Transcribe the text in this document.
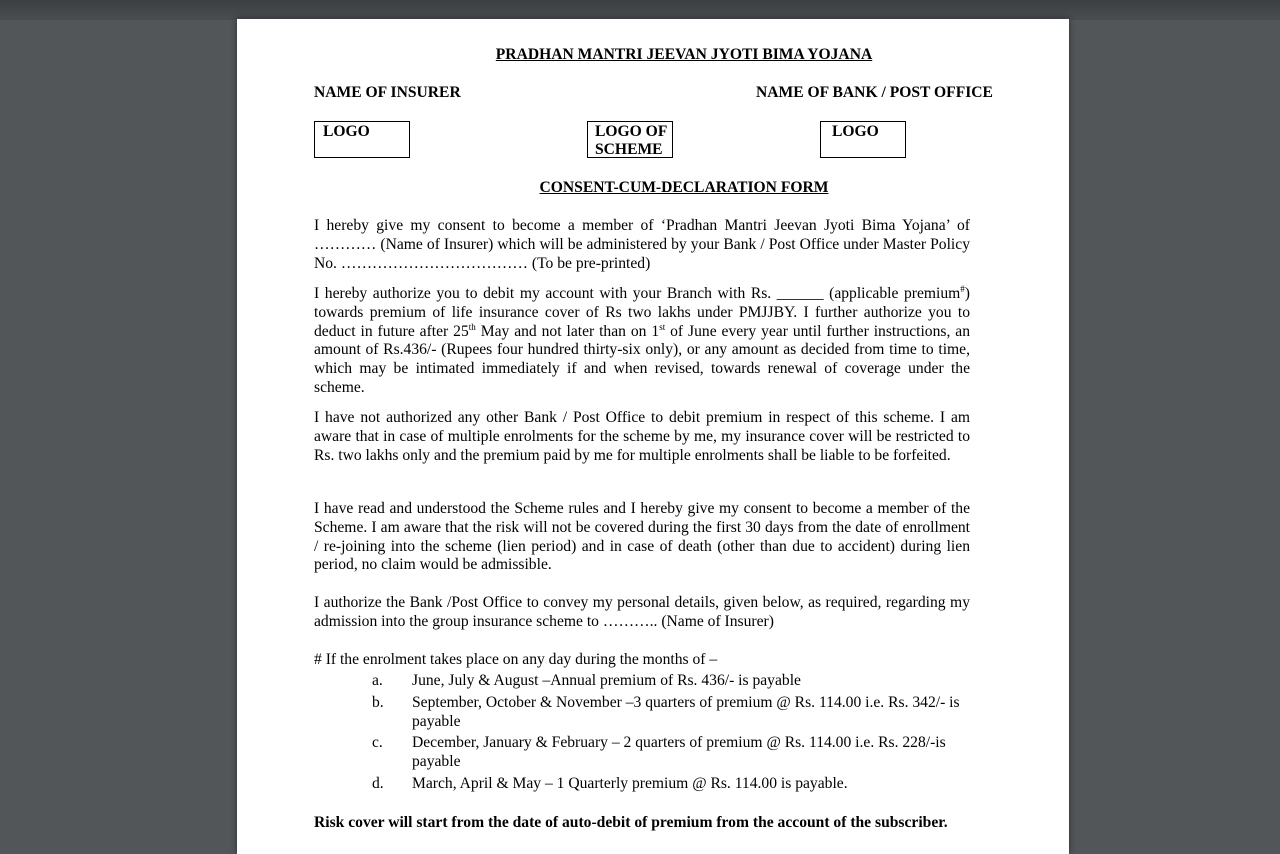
PRADHAN MANTRI JEEVAN JYOTI BIMA YOJANA
NAME OF INSURER	NAME OF BANK / POST OFFICE
LOGO	LOGO OF SCHEME
LOGO
CONSENT-CUM-DECLARATION FORM

I hereby give my consent to become a member of ‘Pradhan Mantri Jeevan Jyoti Bima Yojana’ of ………… (Name of Insurer) which will be administered by your Bank / Post Office under Master Policy No. ……………………………… (To be pre-printed)

I hereby authorize you to debit my account with your Branch with Rs. ______ (applicable premium#) towards premium of life insurance cover of Rs two lakhs under PMJJBY. I further authorize you to deduct in future after 25th May and not later than on 1st of June every year until further instructions, an amount of Rs.436/- (Rupees four hundred thirty-six only), or any amount as decided from time to time, which may be intimated immediately if and when revised, towards renewal of coverage under the scheme.

I have not authorized any other Bank / Post Office to debit premium in respect of this scheme. I am aware that in case of multiple enrolments for the scheme by me, my insurance cover will be restricted to Rs. two lakhs only and the premium paid by me for multiple enrolments shall be liable to be forfeited.

I have read and understood the Scheme rules and I hereby give my consent to become a member of the Scheme. I am aware that the risk will not be covered during the first 30 days from the date of enrollment / re-joining into the scheme (lien period) and in case of death (other than due to accident) during lien period, no claim would be admissible.

I authorize the Bank /Post Office to convey my personal details, given below, as required, regarding my admission into the group insurance scheme to ……….. (Name of Insurer)

# If the enrolment takes place on any day during the months of –
a.	June, July & August –Annual premium of Rs. 436/- is payable
b.	September, October & November –3 quarters of premium @ Rs. 114.00 i.e. Rs. 342/- is payable
c.	December, January & February – 2 quarters of premium @ Rs. 114.00 i.e. Rs. 228/-is payable
d.	March, April & May – 1 Quarterly premium @ Rs. 114.00 is payable.
Risk cover will start from the date of auto-debit of premium from the account of the subscriber.
